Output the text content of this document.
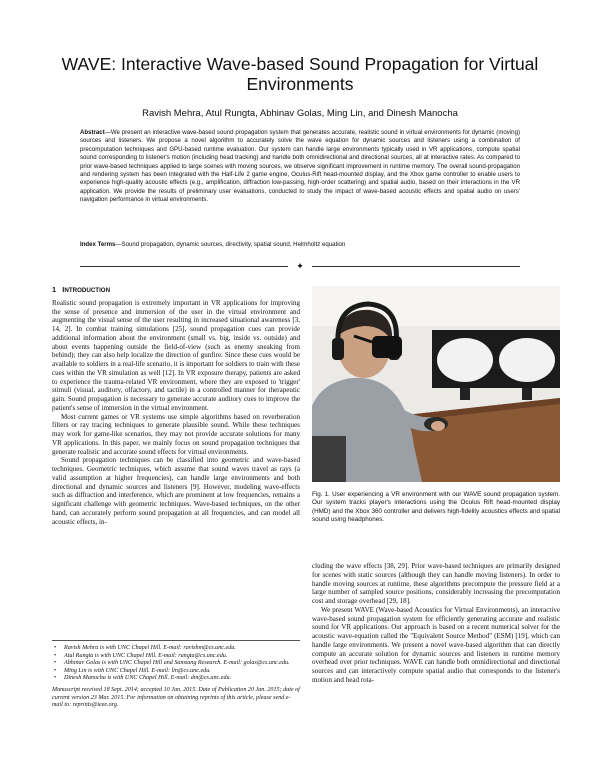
WAVE: Interactive Wave-based Sound Propagation for Virtual Environments
Ravish Mehra, Atul Rungta, Abhinav Golas, Ming Lin, and Dinesh Manocha
Abstract—We present an interactive wave-based sound propagation system that generates accurate, realistic sound in virtual environments for dynamic (moving) sources and listeners. We propose a novel algorithm to accurately solve the wave equation for dynamic sources and listeners using a combination of precomputation techniques and GPU-based runtime evaluation. Our system can handle large environments typically used in VR applications, compute spatial sound corresponding to listener's motion (including head tracking) and handle both omnidirectional and directional sources, all at interactive rates. As compared to prior wave-based techniques applied to large scenes with moving sources, we observe significant improvement in runtime memory. The overall sound-propagation and rendering system has been integrated with the Half-Life 2 game engine, Oculus-Rift head-mounted display, and the Xbox game controller to enable users to experience high-quality acoustic effects (e.g., amplification, diffraction low-passing, high-order scattering) and spatial audio, based on their interactions in the VR application. We provide the results of preliminary user evaluations, conducted to study the impact of wave-based acoustic effects and spatial audio on users' navigation performance in virtual environments.
Index Terms—Sound propagation, dynamic sources, directivity, spatial sound, Helmholtz equation
✦
1 INTRODUCTION

Realistic sound propagation is extremely important in VR applications for improving the sense of presence and immersion of the user in the virtual environment and augmenting the visual sense of the user resulting in increased situational awareness [3, 14, 2]. In combat training simulations [25], sound propagation cues can provide additional information about the environment (small vs. big, inside vs. outside) and about events happening outside the field-of-view (such as enemy sneaking from behind); they can also help localize the direction of gunfire. Since these cues would be available to soldiers in a real-life scenario, it is important for soldiers to train with these cues within the VR simulation as well [12]. In VR exposure therapy, patients are asked to experience the trauma-related VR environment, where they are exposed to 'trigger' stimuli (visual, auditory, olfactory, and tactile) in a controlled manner for therapeutic gain. Sound propagation is necessary to generate accurate auditory cues to improve the patient's sense of immersion in the virtual environment.

Most current games or VR systems use simple algorithms based on reverberation filters or ray tracing techniques to generate plausible sound. While these techniques may work for game-like scenarios, they may not provide accurate solutions for many VR applications. In this paper, we mainly focus on sound propagation techniques that generate realistic and accurate sound effects for virtual environments.

Sound propagation techniques can be classified into geometric and wave-based techniques. Geometric techniques, which assume that sound waves travel as rays (a valid assumption at higher frequencies), can handle large environments and both directional and dynamic sources and listeners [9]. However, modeling wave-effects such as diffraction and interference, which are prominent at low frequencies, remains a significant challenge with geometric techniques. Wave-based techniques, on the other hand, can accurately perform sound propagation at all frequencies, and can model all acoustic effects, in-

• Ravish Mehra is with UNC Chapel Hill. E-mail: ravishm@cs.unc.edu.
• Atul Rungta is with UNC Chapel Hill. E-mail: rungta@cs.unc.edu.
• Abhinav Golas is with UNC Chapel Hill and Samsung Research. E-mail: golas@cs.unc.edu.
• Ming Lin is with UNC Chapel Hill. E-mail: lin@cs.unc.edu.
• Dinesh Manocha is with UNC Chapel Hill. E-mail: dm@cs.unc.edu.
Manuscript received 18 Sept. 2014; accepted 10 Jan. 2015. Date of Publication 20 Jan. 2015; date of current version 23 Mar. 2015. For information on obtaining reprints of this article, please send e-mail to: reprints@ieee.org.
Fig. 1. User experiencing a VR environment with our WAVE sound propagation system. Our system tracks player's interactions using the Oculus Rift head-mounted display (HMD) and the Xbox 360 controller and delivers high-fidelity acoustics effects and spatial sound using headphones.

cluding the wave effects [38, 29]. Prior wave-based techniques are primarily designed for scenes with static sources (although they can handle moving listeners). In order to handle moving sources at runtime, these algorithms precompute the pressure field at a large number of sampled source positions, considerably increasing the precomputation cost and storage overhead [29, 18].

We present WAVE (Wave-based Acoustics for Virtual Environments), an interactive wave-based sound propagation system for efficiently generating accurate and realistic sound for VR applications. Our approach is based on a recent numerical solver for the acoustic wave-equation called the "Equivalent Source Method" (ESM) [19], which can handle large environments. We present a novel wave-based algorithm that can directly compute an accurate solution for dynamic sources and listeners in runtime memory overhead over prior techniques. WAVE can handle both omnidirectional and directional sources and can interactively compute spatial audio that corresponds to the listener's motion and head rota-
